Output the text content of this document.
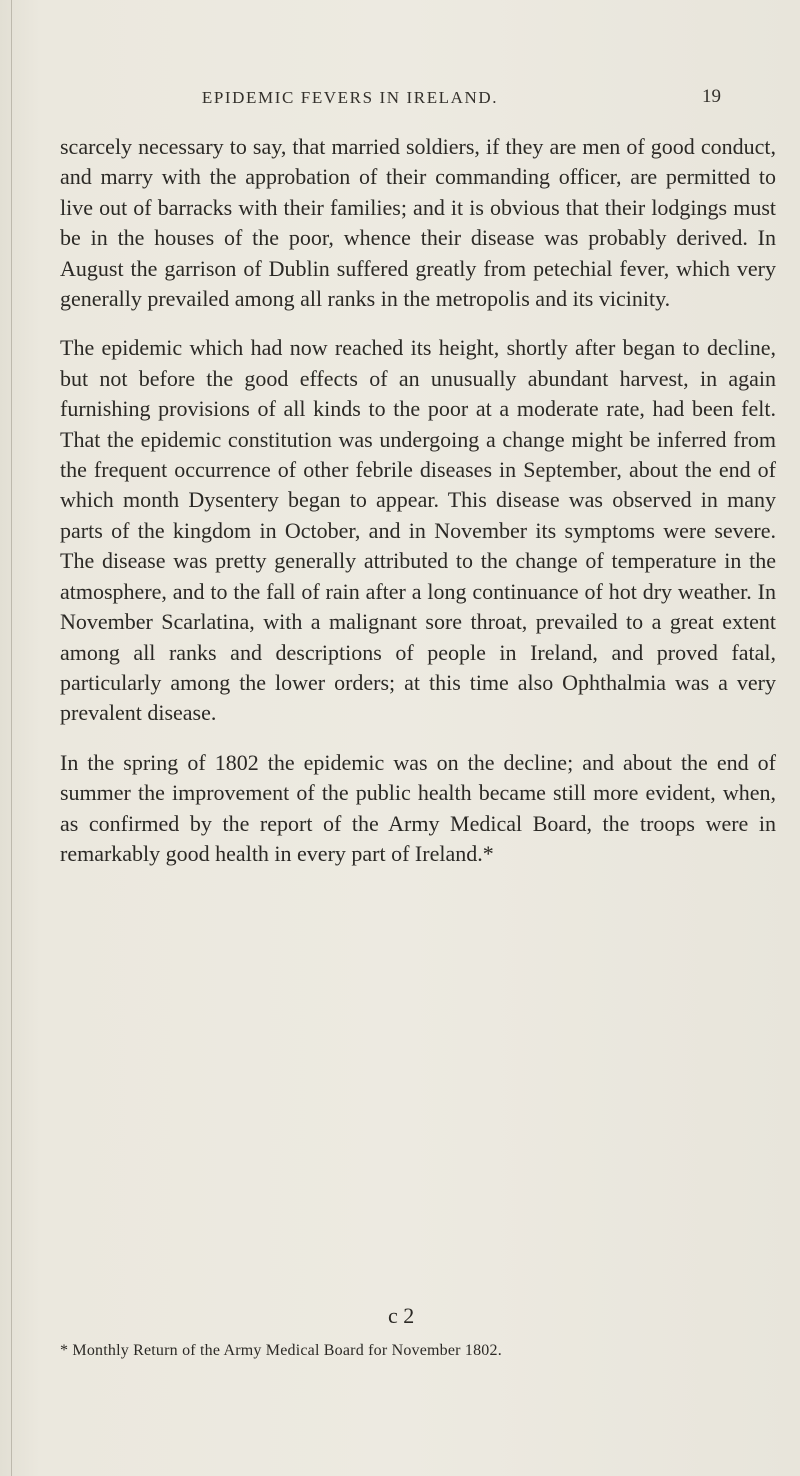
EPIDEMIC FEVERS IN IRELAND.	19

scarcely necessary to say, that married soldiers, if they are men of good conduct, and marry with the approbation of their commanding officer, are permitted to live out of barracks with their families; and it is obvious that their lodgings must be in the houses of the poor, whence their disease was probably derived. In August the garrison of Dublin suffered greatly from petechial fever, which very generally prevailed among all ranks in the metropolis and its vicinity.

The epidemic which had now reached its height, shortly after began to decline, but not before the good effects of an unusually abundant harvest, in again furnishing provisions of all kinds to the poor at a moderate rate, had been felt. That the epidemic constitution was undergoing a change might be inferred from the frequent occurrence of other febrile diseases in September, about the end of which month Dysentery began to appear. This disease was observed in many parts of the kingdom in October, and in November its symptoms were severe. The disease was pretty generally attributed to the change of temperature in the atmosphere, and to the fall of rain after a long continuance of hot dry weather. In November Scarlatina, with a malignant sore throat, prevailed to a great extent among all ranks and descriptions of people in Ireland, and proved fatal, particularly among the lower orders; at this time also Ophthalmia was a very prevalent disease.

In the spring of 1802 the epidemic was on the decline; and about the end of summer the improvement of the public health became still more evident, when, as confirmed by the report of the Army Medical Board, the troops were in remarkably good health in every part of Ireland.*

c 2
* Monthly Return of the Army Medical Board for November 1802.
